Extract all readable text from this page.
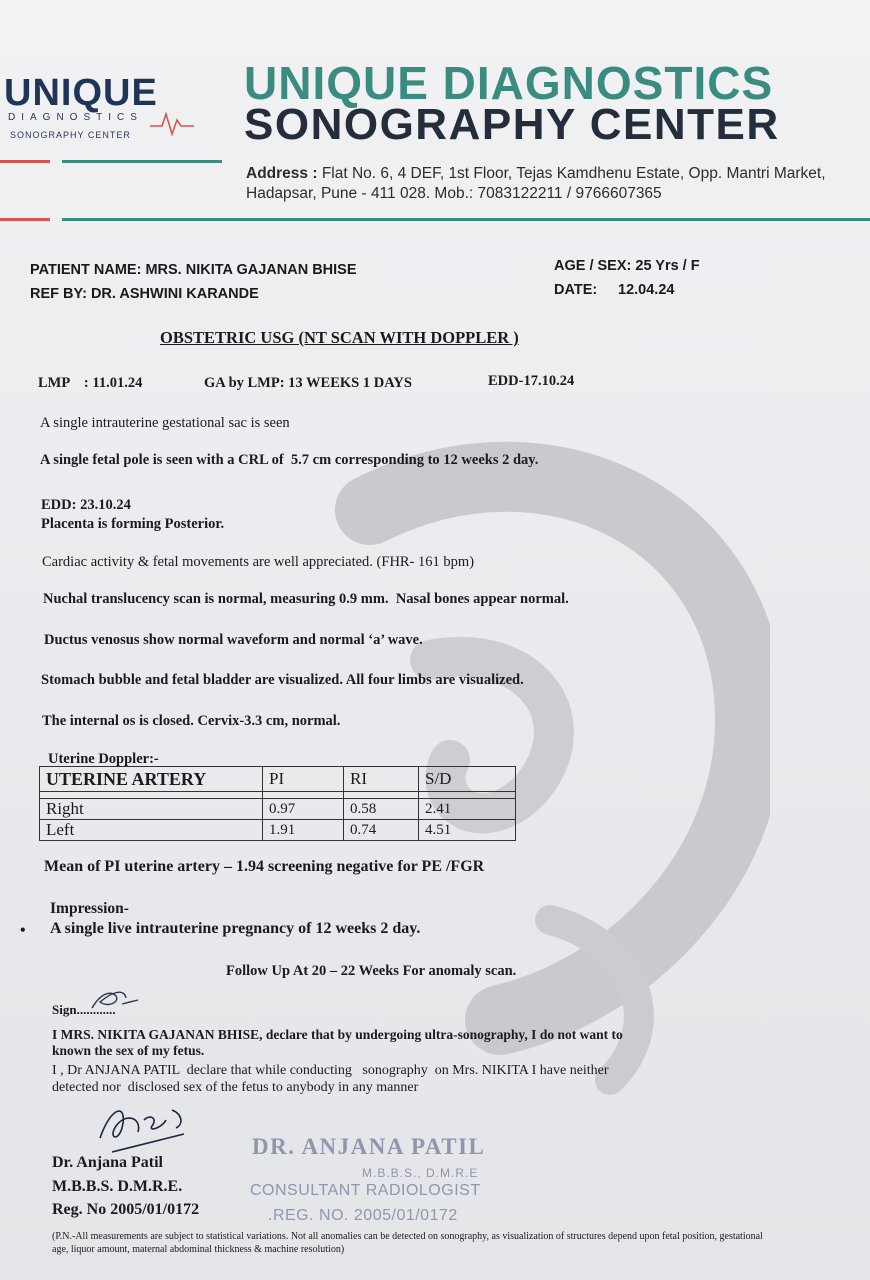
UNIQUE
DIAGNOSTICS
SONOGRAPHY CENTER
UNIQUE DIAGNOSTICS
SONOGRAPHY CENTER
Address : Flat No. 6, 4 DEF, 1st Floor, Tejas Kamdhenu Estate, Opp. Mantri Market,
Hadapsar, Pune - 411 028. Mob.: 7083122211 / 9766607365
PATIENT NAME: MRS. NIKITA GAJANAN BHISE
REF BY: DR. ASHWINI KARANDE
AGE / SEX: 25 Yrs / F
DATE: 12.04.24
OBSTETRIC USG (NT SCAN WITH DOPPLER )
LMP    : 11.01.24	GA by LMP: 13 WEEKS 1 DAYS	EDD-17.10.24
A single intrauterine gestational sac is seen
A single fetal pole is seen with a CRL of  5.7 cm corresponding to 12 weeks 2 day.
EDD: 23.10.24
Placenta is forming Posterior.
Cardiac activity & fetal movements are well appreciated. (FHR- 161 bpm)
Nuchal translucency scan is normal, measuring 0.9 mm.  Nasal bones appear normal.
Ductus venosus show normal waveform and normal ‘a’ wave.
Stomach bubble and fetal bladder are visualized. All four limbs are visualized.
The internal os is closed. Cervix-3.3 cm, normal.
Uterine Doppler:-
UTERINE ARTERY	PI	RI	S/D

Right	0.97	0.58	2.41
Left	1.91	0.74	4.51
Mean of PI uterine artery – 1.94 screening negative for PE /FGR
Impression-
• A single live intrauterine pregnancy of 12 weeks 2 day.
Follow Up At 20 – 22 Weeks For anomaly scan.
Sign............
I MRS. NIKITA GAJANAN BHISE, declare that by undergoing ultra-sonography, I do not want to
known the sex of my fetus.
I , Dr ANJANA PATIL  declare that while conducting   sonography  on Mrs. NIKITA I have neither
detected nor  disclosed sex of the fetus to anybody in any manner
Dr. Anjana Patil
M.B.B.S. D.M.R.E.
Reg. No 2005/01/0172
DR. ANJANA PATIL
M.B.B.S., D.M.R.E
CONSULTANT RADIOLOGIST
.REG. NO. 2005/01/0172
(P.N.-All measurements are subject to statistical variations. Not all anomalies can be detected on sonography, as visualization of structures depend upon fetal position, gestational age, liquor amount, maternal abdominal thickness & machine resolution)
